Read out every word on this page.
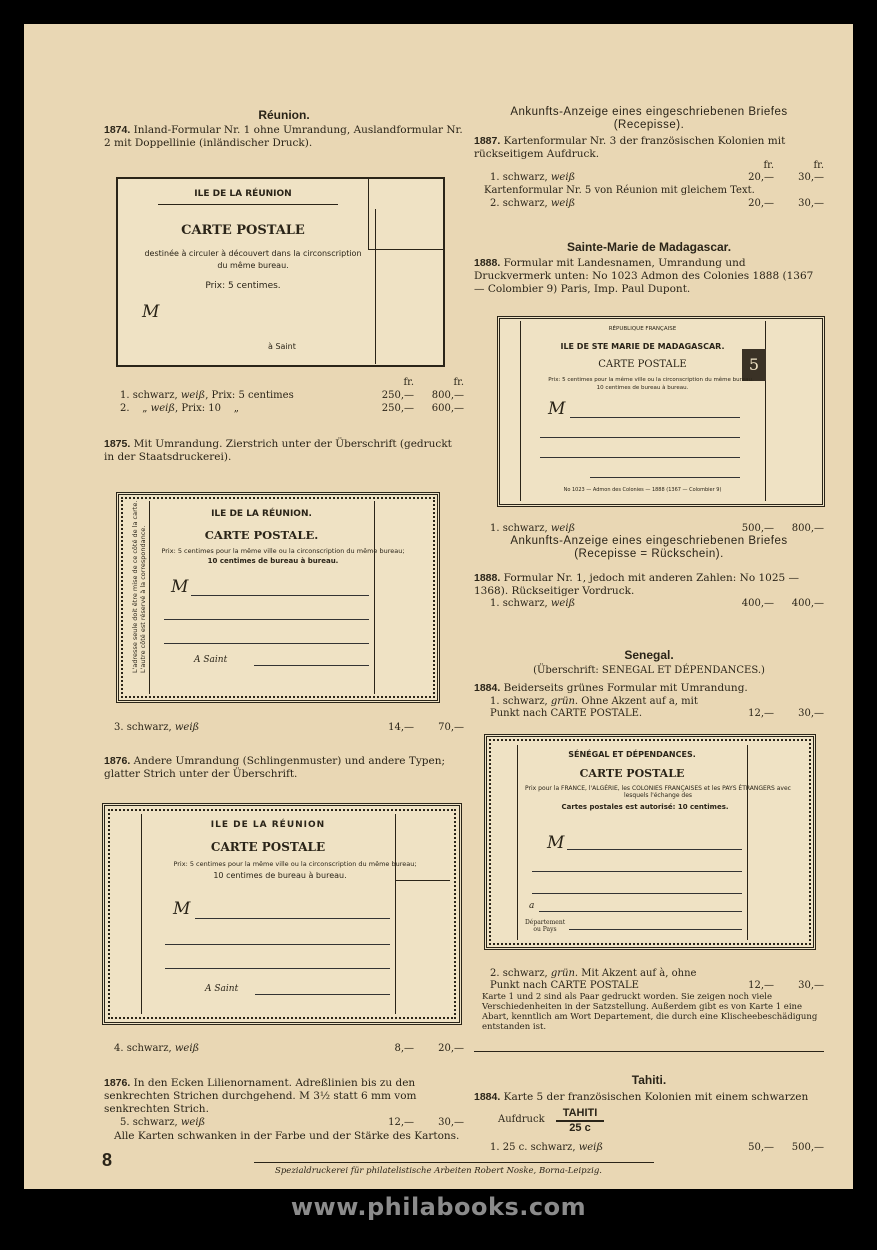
Réunion.
1874. Inland-Formular Nr. 1 ohne Umrandung, Auslandformular Nr. 2 mit Doppellinie (inländischer Druck).
ILE DE LA RÉUNION
CARTE POSTALE
destinée à circuler à découvert dans la circonscription
du même bureau.
Prix: 5 centimes.
M
à Saint
fr.	fr.
1. schwarz, weiß, Prix: 5 centimes	250,—	800,—
2. „ weiß, Prix: 10 „	250,—	600,—
1875. Mit Umrandung. Zierstrich unter der Überschrift (gedruckt in der Staatsdruckerei).
ILE DE LA RÉUNION.
CARTE POSTALE.
Prix: 5 centimes pour la même ville ou la circonscription du même bureau;
10 centimes de bureau à bureau.
M
A Saint
L'adresse seule doit être mise de ce côté de la carte. L'autre côté est réservé à la correspondance.
3. schwarz, weiß	14,—	70,—
1876. Andere Umrandung (Schlingenmuster) und andere Typen; glatter Strich unter der Überschrift.
ILE DE LA RÉUNION
CARTE POSTALE
Prix: 5 centimes pour la même ville ou la circonscription du même bureau;
10 centimes de bureau à bureau.
M
A Saint
4. schwarz, weiß	8,—	20,—
1876. In den Ecken Lilienornament. Adreßlinien bis zu den senkrechten Strichen durchgehend. M 3½ statt 6 mm vom senkrechten Strich.
5. schwarz, weiß	12,—	30,—
Alle Karten schwanken in der Farbe und der Stärke des Kartons.
8
Ankunfts-Anzeige eines eingeschriebenen Briefes
(Recepisse).
1887. Kartenformular Nr. 3 der französischen Kolonien mit rückseitigem Aufdruck.
fr.	fr.
1. schwarz, weiß	20,—	30,—
Kartenformular Nr. 5 von Réunion mit gleichem Text.
2. schwarz, weiß	20,—	30,—
Sainte-Marie de Madagascar.
1888. Formular mit Landesnamen, Umrandung und Druckvermerk unten: No 1023 Admon des Colonies 1888 (1367 — Colombier 9) Paris, Imp. Paul Dupont.
5
RÉPUBLIQUE FRANÇAISE
ILE DE STE MARIE DE MADAGASCAR.
CARTE POSTALE
Prix: 5 centimes pour la même ville ou la circonscription du même bureau.
10 centimes de bureau à bureau.
M
No 1023 — Admon des Colonies — 1888 (1367 — Colombier 9)
1. schwarz, weiß	500,—	800,—
Ankunfts-Anzeige eines eingeschriebenen Briefes
(Recepisse = Rückschein).
1888. Formular Nr. 1, jedoch mit anderen Zahlen: No 1025 — 1368). Rückseitiger Vordruck.
1. schwarz, weiß	400,—	400,—
Senegal.
(Überschrift: SENEGAL ET DÉPENDANCES.)
1884. Beiderseits grünes Formular mit Umrandung.
1. schwarz, grün. Ohne Akzent auf a, mit Punkt nach CARTE POSTALE.	12,—	30,—
SÉNÉGAL ET DÉPENDANCES.
CARTE POSTALE
Prix pour la FRANCE, l'ALGÉRIE, les COLONIES FRANÇAISES et les PAYS ÉTRANGERS avec lesquels l'échange des
Cartes postales est autorisé: 10 centimes.
M
a
Département ou Pays
2. schwarz, grün. Mit Akzent auf à, ohne Punkt nach CARTE POSTALE	12,—	30,—
Karte 1 und 2 sind als Paar gedruckt worden. Sie zeigen noch viele Verschiedenheiten in der Satzstellung. Außerdem gibt es von Karte 1 eine Abart, kenntlich am Wort Departement, die durch eine Klischeebeschädigung entstanden ist.
Tahiti.
1884. Karte 5 der französischen Kolonien mit einem schwarzen
Aufdruck
TAHITI
25 c
1. 25 c. schwarz, weiß	50,—	500,—
Spezialdruckerei für philatelistische Arbeiten Robert Noske, Borna-Leipzig.
www.philabooks.com
